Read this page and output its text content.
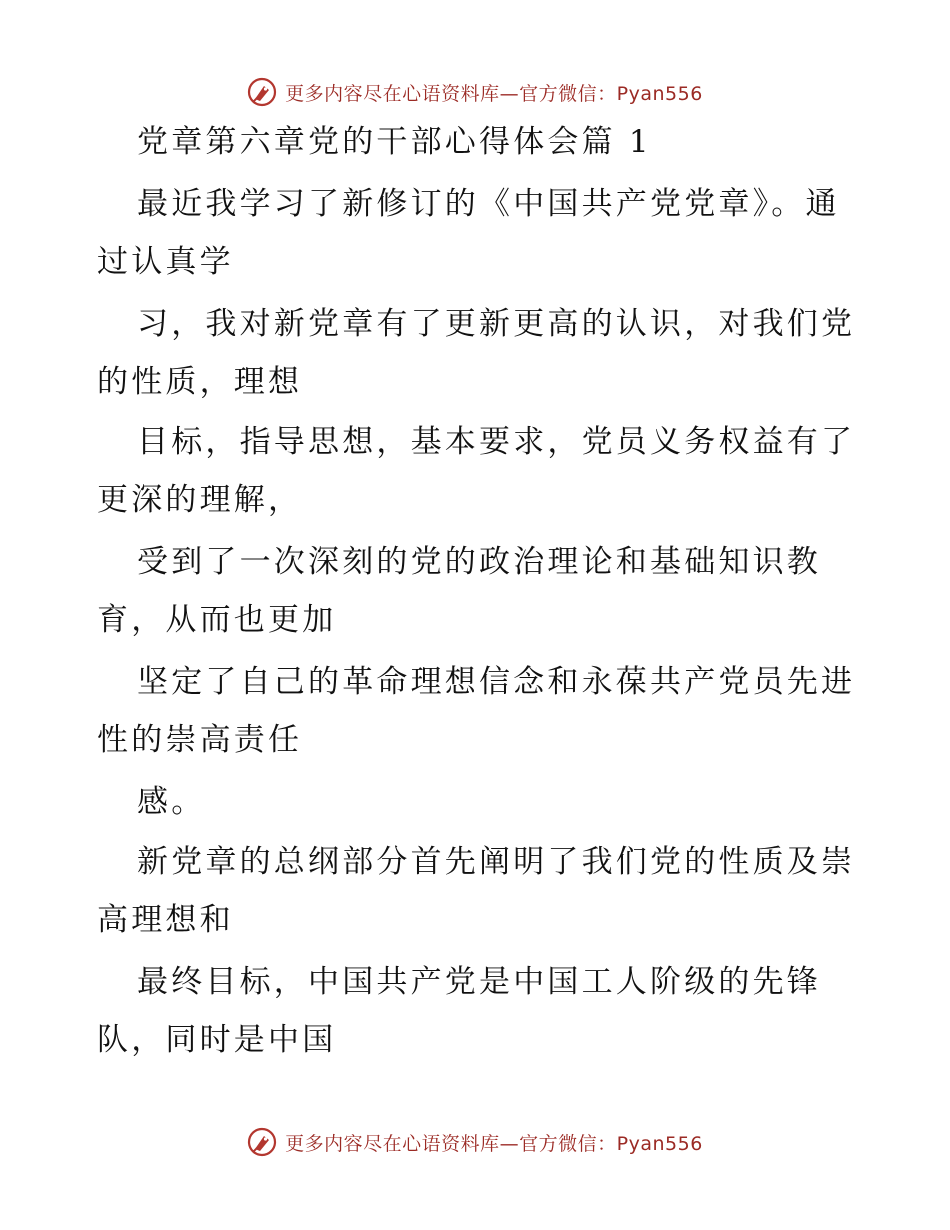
更多内容尽在心语资料库—官方微信：Pyan556
党章第六章党的干部心得体会篇 1
最近我学习了新修订的《中国共产党党章》。通
过认真学
习，我对新党章有了更新更高的认识，对我们党
的性质，理想
目标，指导思想，基本要求，党员义务权益有了
更深的理解，
受到了一次深刻的党的政治理论和基础知识教
育，从而也更加
坚定了自己的革命理想信念和永葆共产党员先进
性的崇高责任
感。
新党章的总纲部分首先阐明了我们党的性质及崇
高理想和
最终目标，中国共产党是中国工人阶级的先锋
队，同时是中国
更多内容尽在心语资料库—官方微信：Pyan556
